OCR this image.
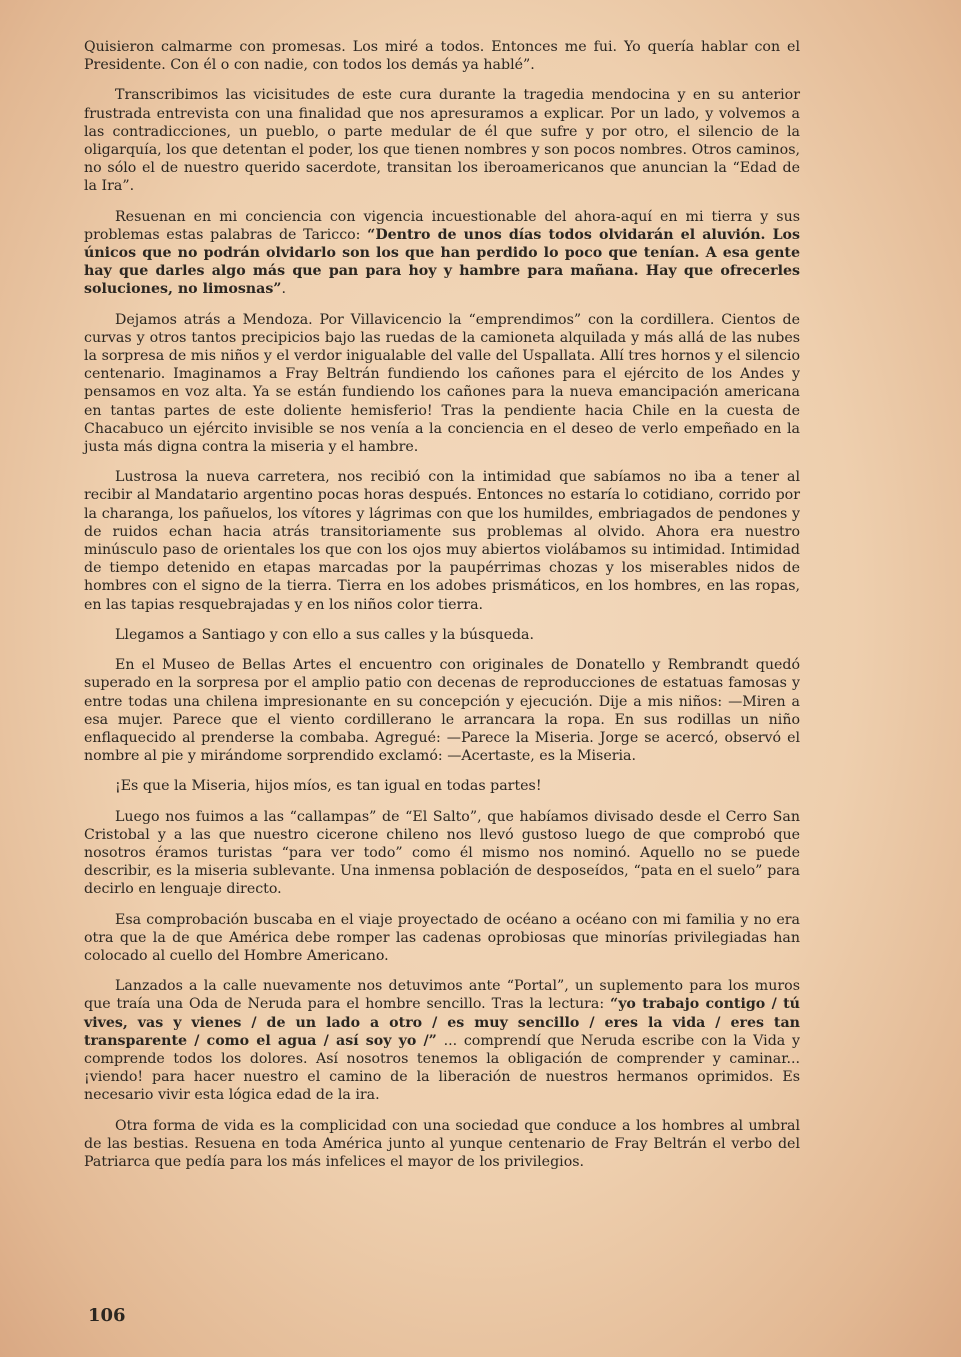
Quisieron calmarme con promesas. Los miré a todos. Entonces me fui. Yo quería hablar con el Presidente. Con él o con nadie, con todos los demás ya hablé”.

Transcribimos las vicisitudes de este cura durante la tragedia mendocina y en su anterior frustrada entrevista con una finalidad que nos apresuramos a explicar. Por un lado, y volvemos a las contradicciones, un pueblo, o parte medular de él que sufre y por otro, el silencio de la oligarquía, los que detentan el poder, los que tienen nombres y son pocos nombres. Otros caminos, no sólo el de nuestro querido sacerdote, transitan los iberoamericanos que anuncian la “Edad de la Ira”.

Resuenan en mi conciencia con vigencia incuestionable del ahora-aquí en mi tierra y sus problemas estas palabras de Taricco: “Dentro de unos días todos olvidarán el aluvión. Los únicos que no podrán olvidarlo son los que han perdido lo poco que tenían. A esa gente hay que darles algo más que pan para hoy y hambre para mañana. Hay que ofrecerles soluciones, no limosnas”.

Dejamos atrás a Mendoza. Por Villavicencio la “emprendimos” con la cordillera. Cientos de curvas y otros tantos precipicios bajo las ruedas de la camioneta alquilada y más allá de las nubes la sorpresa de mis niños y el verdor inigualable del valle del Uspallata. Allí tres hornos y el silencio centenario. Imaginamos a Fray Beltrán fundiendo los cañones para el ejército de los Andes y pensamos en voz alta. Ya se están fundiendo los cañones para la nueva emancipación americana en tantas partes de este doliente hemisferio! Tras la pendiente hacia Chile en la cuesta de Chacabuco un ejército invisible se nos venía a la conciencia en el deseo de verlo empeñado en la justa más digna contra la miseria y el hambre.

Lustrosa la nueva carretera, nos recibió con la intimidad que sabíamos no iba a tener al recibir al Mandatario argentino pocas horas después. Entonces no estaría lo cotidiano, corrido por la charanga, los pañuelos, los vítores y lágrimas con que los humildes, embriagados de pendones y de ruidos echan hacia atrás transitoriamente sus problemas al olvido. Ahora era nuestro minúsculo paso de orientales los que con los ojos muy abiertos violábamos su intimidad. Intimidad de tiempo detenido en etapas marcadas por la paupérrimas chozas y los miserables nidos de hombres con el signo de la tierra. Tierra en los adobes prismáticos, en los hombres, en las ropas, en las tapias resquebrajadas y en los niños color tierra.

Llegamos a Santiago y con ello a sus calles y la búsqueda.

En el Museo de Bellas Artes el encuentro con originales de Donatello y Rembrandt quedó superado en la sorpresa por el amplio patio con decenas de reproducciones de estatuas famosas y entre todas una chilena impresionante en su concepción y ejecución. Dije a mis niños: —Miren a esa mujer. Parece que el viento cordillerano le arrancara la ropa. En sus rodillas un niño enflaquecido al prenderse la combaba. Agregué: —Parece la Miseria. Jorge se acercó, observó el nombre al pie y mirándome sorprendido exclamó: —Acertaste, es la Miseria.

¡Es que la Miseria, hijos míos, es tan igual en todas partes!

Luego nos fuimos a las “callampas” de “El Salto”, que habíamos divisado desde el Cerro San Cristobal y a las que nuestro cicerone chileno nos llevó gustoso luego de que comprobó que nosotros éramos turistas “para ver todo” como él mismo nos nominó. Aquello no se puede describir, es la miseria sublevante. Una inmensa población de desposeídos, “pata en el suelo” para decirlo en lenguaje directo.

Esa comprobación buscaba en el viaje proyectado de océano a océano con mi familia y no era otra que la de que América debe romper las cadenas oprobiosas que minorías privilegiadas han colocado al cuello del Hombre Americano.

Lanzados a la calle nuevamente nos detuvimos ante “Portal”, un suplemento para los muros que traía una Oda de Neruda para el hombre sencillo. Tras la lectura: “yo trabajo contigo / tú vives, vas y vienes / de un lado a otro / es muy sencillo / eres la vida / eres tan transparente / como el agua / así soy yo /” ... comprendí que Neruda escribe con la Vida y comprende todos los dolores. Así nosotros tenemos la obligación de comprender y caminar... ¡viendo! para hacer nuestro el camino de la liberación de nuestros hermanos oprimidos. Es necesario vivir esta lógica edad de la ira.

Otra forma de vida es la complicidad con una sociedad que conduce a los hombres al umbral de las bestias. Resuena en toda América junto al yunque centenario de Fray Beltrán el verbo del Patriarca que pedía para los más infelices el mayor de los privilegios.

106
